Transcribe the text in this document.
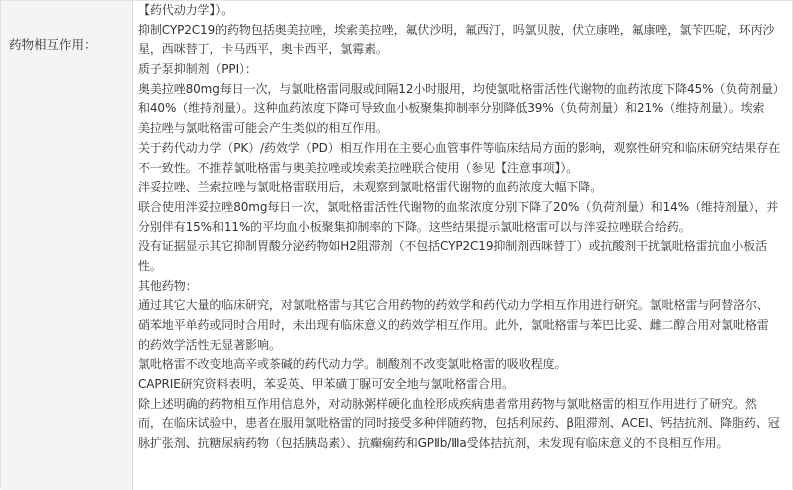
药物相互作用：
【药代动力学】）。
抑制CYP2C19的药物包括奥美拉唑，埃索美拉唑，氟伏沙明，氟西汀，吗氯贝胺，伏立康唑，氟康唑，氯苄匹啶，环丙沙
星，西咪替丁，卡马西平，奥卡西平，氯霉素。
质子泵抑制剂（PPI）：
奥美拉唑80mg每日一次，与氯吡格雷同服或间隔12小时服用，均使氯吡格雷活性代谢物的血药浓度下降45%（负荷剂量）
和40%（维持剂量）。这种血药浓度下降可导致血小板聚集抑制率分别降低39%（负荷剂量）和21%（维持剂量）。埃索
美拉唑与氯吡格雷可能会产生类似的相互作用。
关于药代动力学（PK）/药效学（PD）相互作用在主要心血管事件等临床结局方面的影响，观察性研究和临床研究结果存在
不一致性。不推荐氯吡格雷与奥美拉唑或埃索美拉唑联合使用（参见【注意事项】）。
泮妥拉唑、兰索拉唑与氯吡格雷联用后，未观察到氯吡格雷代谢物的血药浓度大幅下降。
联合使用泮妥拉唑80mg每日一次，氯吡格雷活性代谢物的血浆浓度分别下降了20%（负荷剂量）和14%（维持剂量），并
分别伴有15%和11%的平均血小板聚集抑制率的下降。这些结果提示氯吡格雷可以与泮妥拉唑联合给药。
没有证据显示其它抑制胃酸分泌药物如H2阻滞剂（不包括CYP2C19抑制剂西咪替丁）或抗酸剂干扰氯吡格雷抗血小板活
性。
其他药物：
通过其它大量的临床研究，对氯吡格雷与其它合用药物的药效学和药代动力学相互作用进行研究。氯吡格雷与阿替洛尔、
硝苯地平单药或同时合用时，未出现有临床意义的药效学相互作用。此外，氯吡格雷与苯巴比妥、雌二醇合用对氯吡格雷
的药效学活性无显著影响。
氯吡格雷不改变地高辛或茶碱的药代动力学。制酸剂不改变氯吡格雷的吸收程度。
CAPRIE研究资料表明，苯妥英、甲苯磺丁脲可安全地与氯吡格雷合用。
除上述明确的药物相互作用信息外，对动脉粥样硬化血栓形成疾病患者常用药物与氯吡格雷的相互作用进行了研究。然
而，在临床试验中，患者在服用氯吡格雷的同时接受多种伴随药物，包括利尿药、β阻滞剂、ACEI、钙拮抗剂、降脂药、冠
脉扩张剂、抗糖尿病药物（包括胰岛素）、抗癫痫药和GPⅡb/Ⅲa受体拮抗剂，未发现有临床意义的不良相互作用。
